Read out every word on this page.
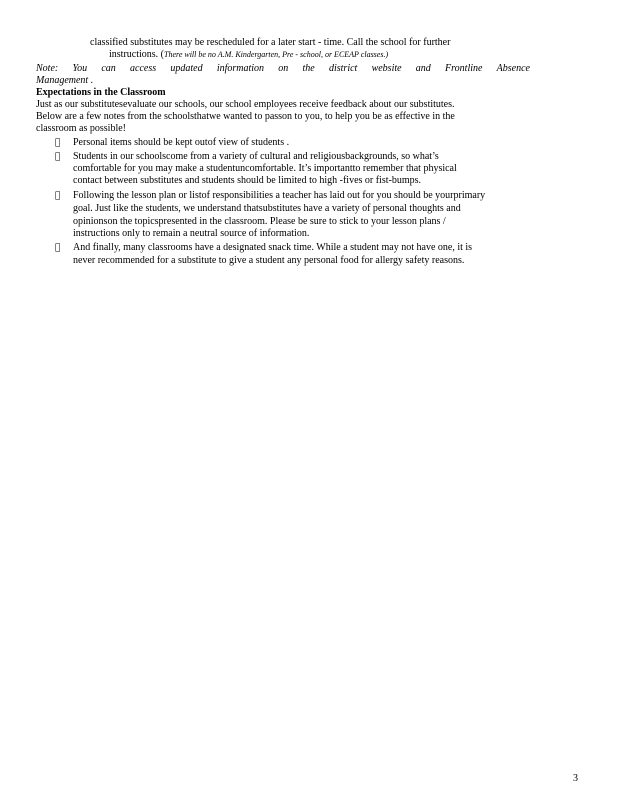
classified substitutes may be rescheduled for a later start - time. Call the school for further
instructions. (There will be no A.M. Kindergarten, Pre - school, or ECEAP classes.)
Note: You can access updated information on the district website and Frontline Absence
Management .
Expectations in the Classroom
Just as our substitutesevaluate our schools, our school employees receive feedback about our substitutes.
Below are a few notes from the schoolsthatwe wanted to passon to you, to help you be as effective in the
classroom as possible!
Personal items should be kept outof view of students .
Students in our schoolscome from a variety of cultural and religiousbackgrounds, so what’s
comfortable for you may make a studentuncomfortable. It’s importantto remember that physical
contact between substitutes and students should be limited to high -fives or fist-bumps.
Following the lesson plan or listof responsibilities a teacher has laid out for you should be yourprimary
goal. Just like the students, we understand thatsubstitutes have a variety of personal thoughts and
opinionson the topicspresented in the classroom. Please be sure to stick to your lesson plans /
instructions only to remain a neutral source of information.
And finally, many classrooms have a designated snack time. While a student may not have one, it is
never recommended for a substitute to give a student any personal food for allergy safety reasons.
3
